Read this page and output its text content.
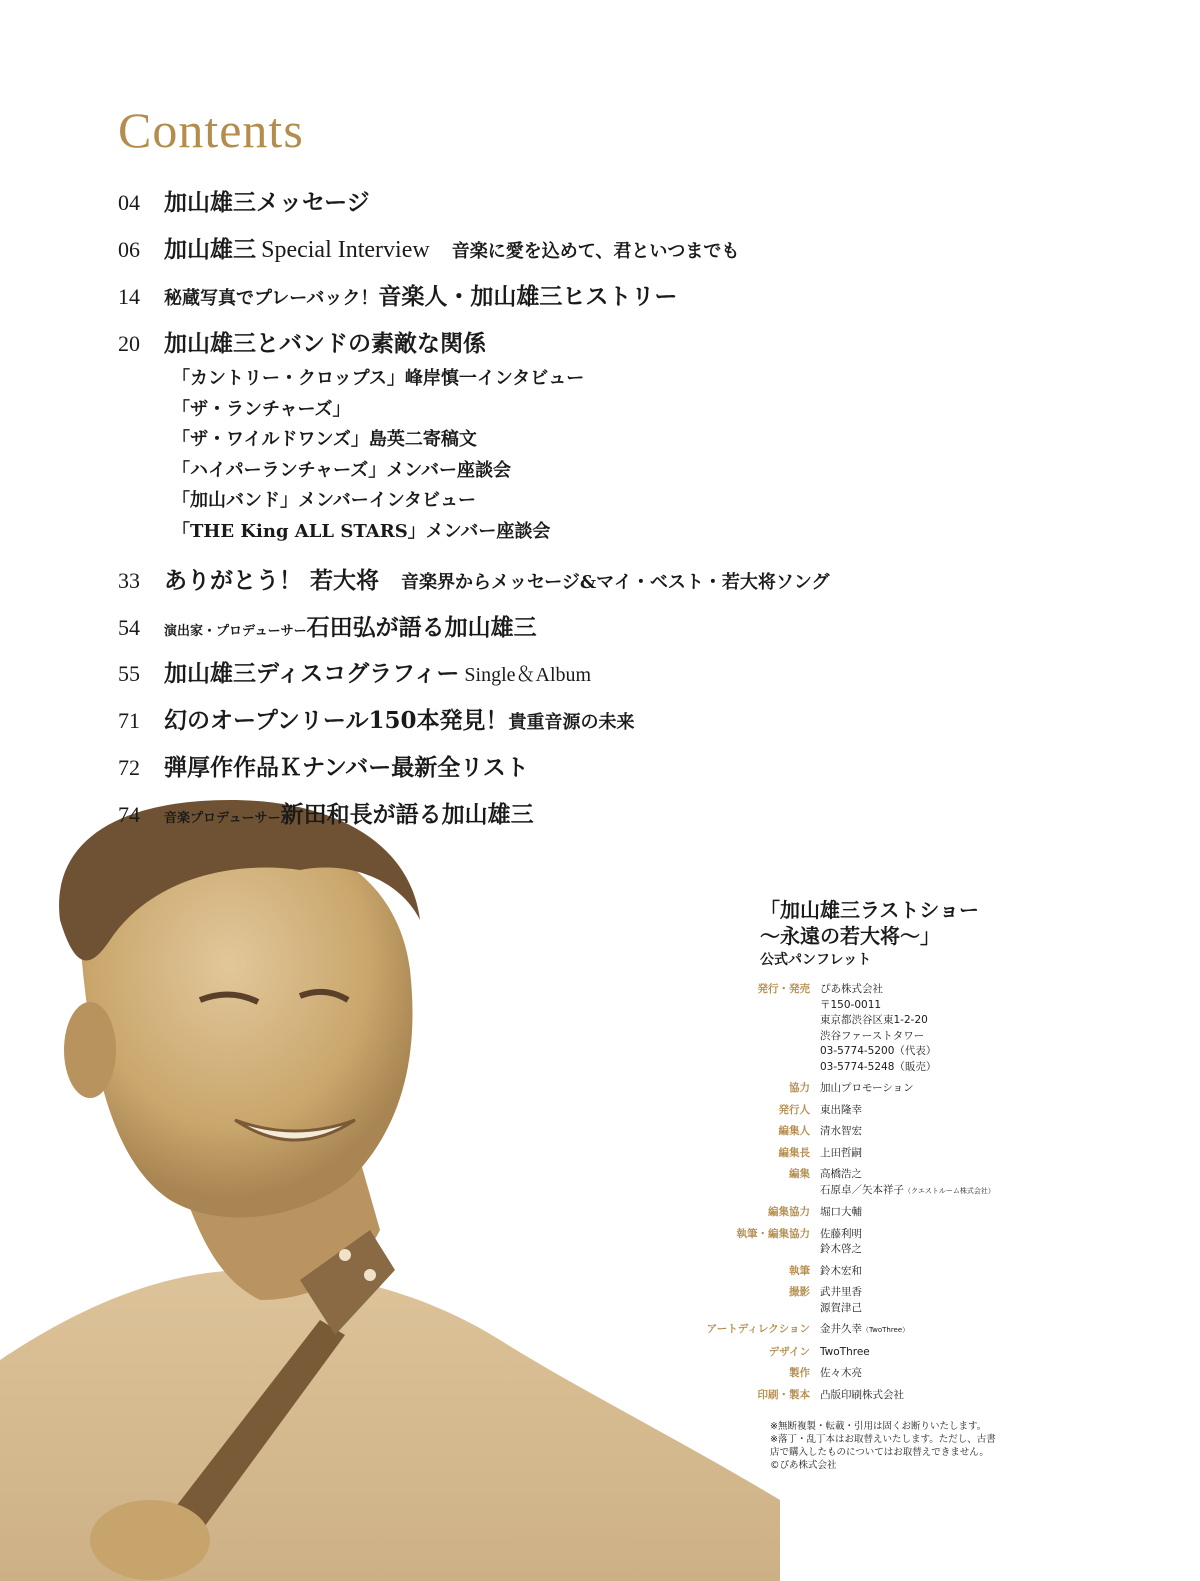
Contents
04 加山雄三メッセージ
06 加山雄三 Special Interview 音楽に愛を込めて、君といつまでも
14 秘蔵写真でプレーバック！音楽人・加山雄三ヒストリー
20 加山雄三とバンドの素敵な関係
「カントリー・クロップス」峰岸慎一インタビュー
「ザ・ランチャーズ」
「ザ・ワイルドワンズ」島英二寄稿文
「ハイパーランチャーズ」メンバー座談会
「加山バンド」メンバーインタビュー
「THE King ALL STARS」メンバー座談会
33 ありがとう！ 若大将 音楽界からメッセージ&マイ・ベスト・若大将ソング
54 演出家・プロデューサー石田弘が語る加山雄三
55 加山雄三ディスコグラフィー Single＆Album
71 幻のオープンリール150本発見！貴重音源の未来
72 弾厚作作品Ｋナンバー最新全リスト
74 音楽プロデューサー新田和長が語る加山雄三
「加山雄三ラストショー
〜永遠の若大将〜」
公式パンフレット
発行・発売 ぴあ株式会社
〒150-0011
東京都渋谷区東1-2-20
渋谷ファーストタワー
03-5774-5200（代表）
03-5774-5248（販売）
協力 加山プロモーション
発行人 東出隆幸
編集人 清水智宏
編集長 上田哲嗣
編集 高橋浩之
石原卓／矢本祥子（クエストルーム株式会社）
編集協力 堀口大輔
執筆・編集協力 佐藤利明
鈴木啓之
執筆 鈴木宏和
撮影 武井里香
源賀津己
アートディレクション 金井久幸（TwoThree）
デザイン TwoThree
製作 佐々木亮
印刷・製本 凸版印刷株式会社
※無断複製・転載・引用は固くお断りいたします。
※落丁・乱丁本はお取替えいたします。ただし、古書
店で購入したものについてはお取替えできません。
©ぴあ株式会社
